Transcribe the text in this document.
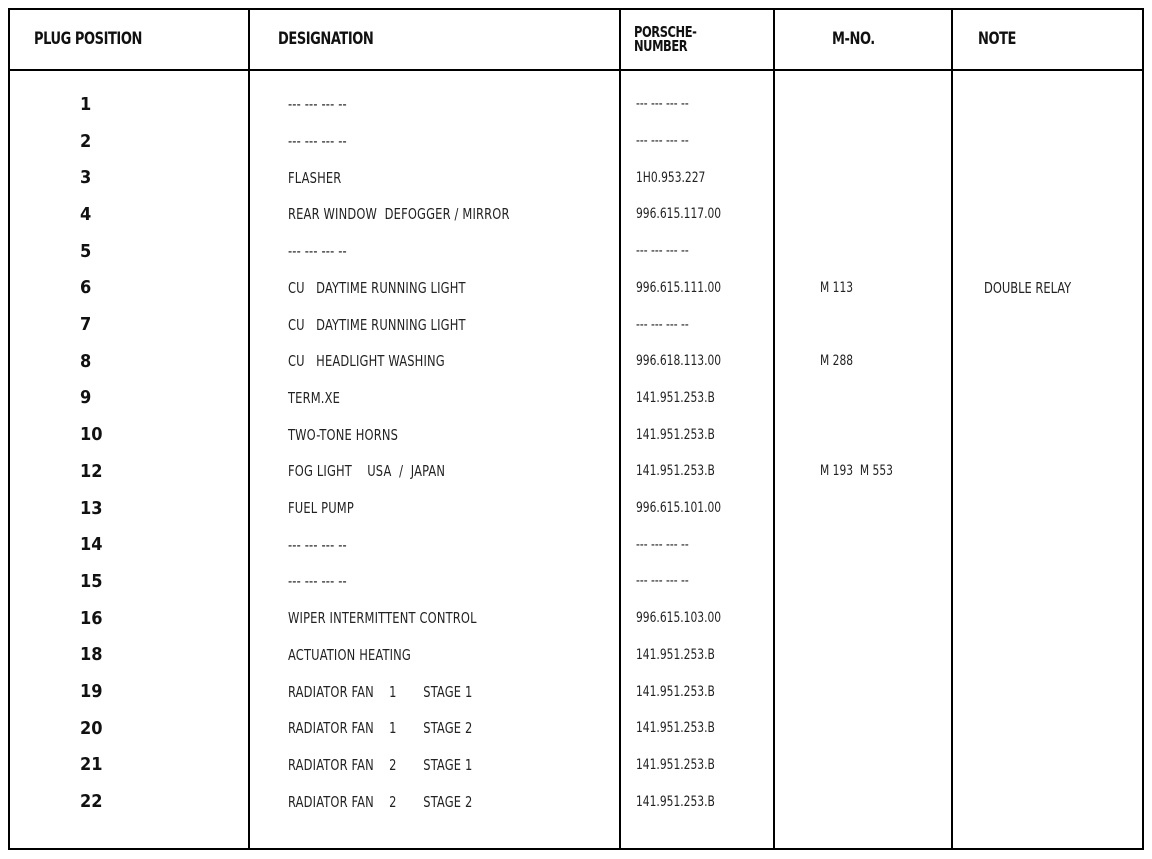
PLUG POSITION	DESIGNATION	PORSCHE-
NUMBER	M-NO.	NOTE
1	--- --- --- --	--- --- --- --
2	--- --- --- --	--- --- --- --
3	FLASHER	1H0.953.227
4	REAR WINDOW  DEFOGGER / MIRROR	996.615.117.00
5	--- --- --- --	--- --- --- --
6	CU   DAYTIME RUNNING LIGHT	996.615.111.00	M 113	DOUBLE RELAY
7	CU   DAYTIME RUNNING LIGHT	--- --- --- --
8	CU   HEADLIGHT WASHING	996.618.113.00	M 288
9	TERM.XE	141.951.253.B
10	TWO-TONE HORNS	141.951.253.B
12	FOG LIGHT    USA  /  JAPAN	141.951.253.B	M 193  M 553
13	FUEL PUMP	996.615.101.00
14	--- --- --- --	--- --- --- --
15	--- --- --- --	--- --- --- --
16	WIPER INTERMITTENT CONTROL	996.615.103.00
18	ACTUATION HEATING	141.951.253.B
19	RADIATOR FAN    1       STAGE 1	141.951.253.B
20	RADIATOR FAN    1       STAGE 2	141.951.253.B
21	RADIATOR FAN    2       STAGE 1	141.951.253.B
22	RADIATOR FAN    2       STAGE 2	141.951.253.B
